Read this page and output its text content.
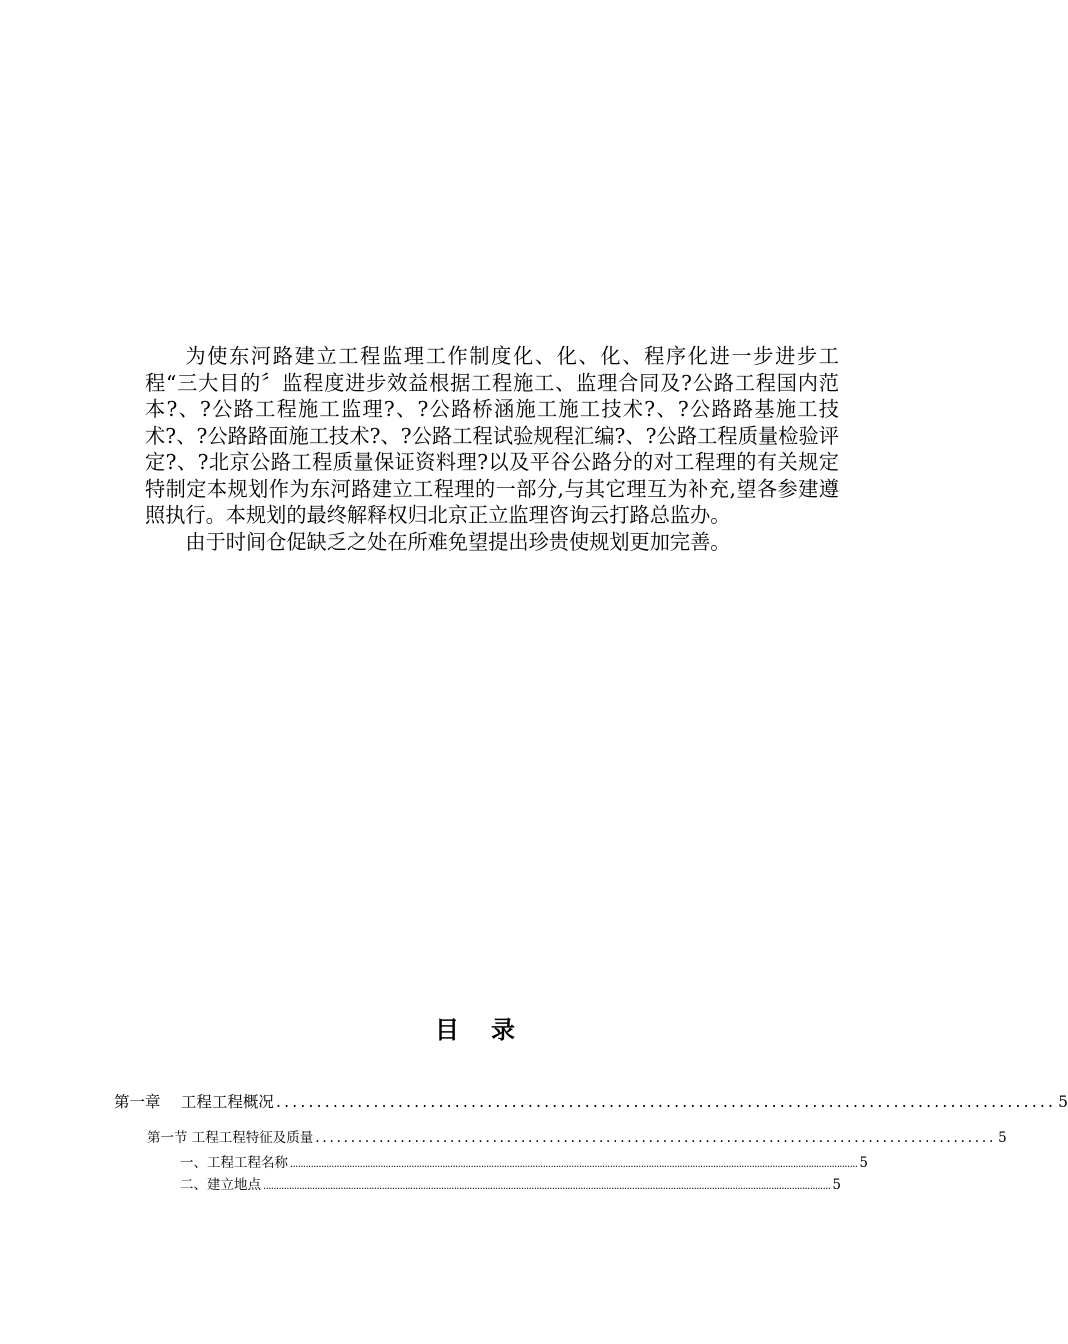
为使东河路建立工程监理工作制度化、化、化、程序化进一步进步工程“三大目的〞监程度进步效益根据工程施工、监理合同及?公路工程国内范本?、?公路工程施工监理?、?公路桥涵施工施工技术?、?公路路基施工技术?、?公路路面施工技术?、?公路工程试验规程汇编?、?公路工程质量检验评定?、?北京公路工程质量保证资料理?以及平谷公路分的对工程理的有关规定特制定本规划作为东河路建立工程理的一部分,与其它理互为补充,望各参建遵照执行。本规划的最终解释权归北京正立监理咨询云打路总监办。

由于时间仓促缺乏之处在所难免望提出珍贵使规划更加完善。

目 录
第一章　 工程工程概况 ................................................................................................ 5
第一节 工程工程特征及质量 ................................................................................................ 5
一、工程工程名称 ............................................................................................................................................................................................................................ 5
二、建立地点 ............................................................................................................................................................................................................................ 5
